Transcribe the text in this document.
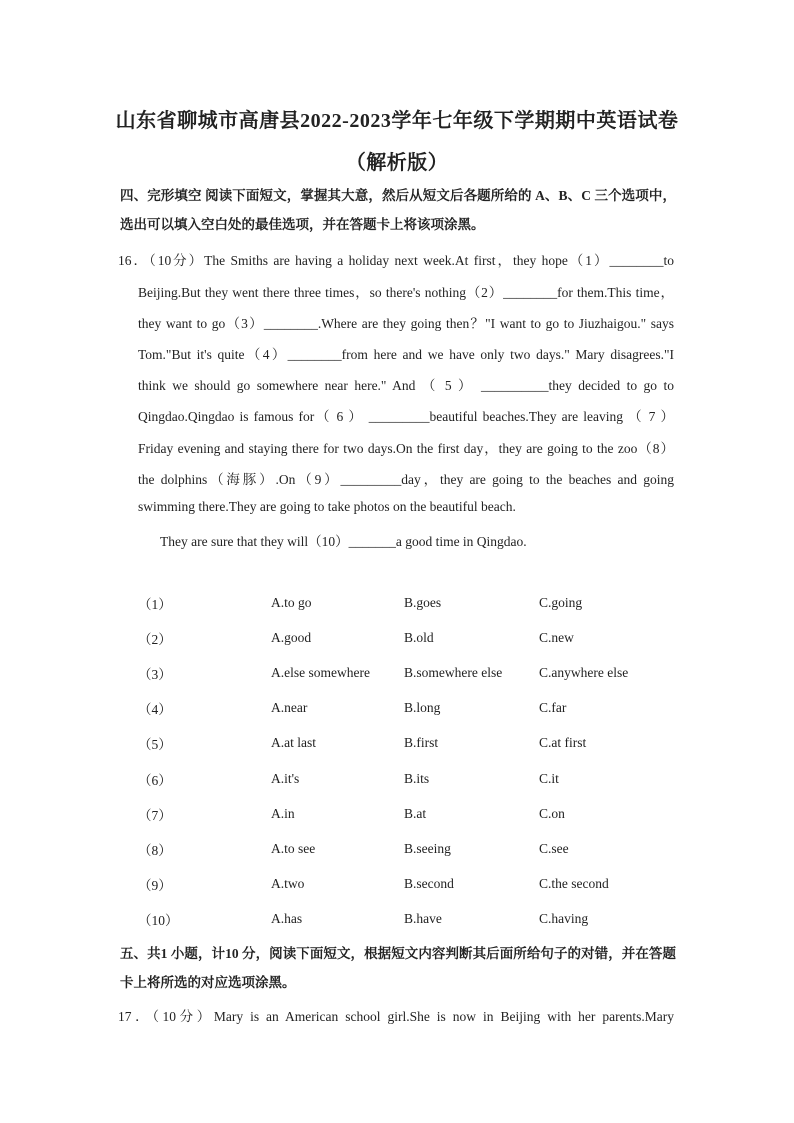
山东省聊城市高唐县2022-2023学年七年级下学期期中英语试卷
（解析版）
四、完形填空 阅读下面短文，掌握其大意，然后从短文后各题所给的 A、B、C 三个选项中，选出可以填入空白处的最佳选项，并在答题卡上将该项涂黑。
16．（10分）The Smiths are having a holiday next week.At first，they hope（1）________to
Beijing.But they went there three times，so there's nothing（2）________for them.This time，
they want to go（3）________.Where are they going then？"I want to go to Jiuzhaigou." says
Tom."But it's quite（4）________from here and we have only two days." Mary disagrees."I
think we should go somewhere near here." And （ 5 ） __________they decided to go to
Qingdao.Qingdao is famous for（ 6 ） _________beautiful beaches.They are leaving （ 7 ）
Friday evening and staying there for two days.On the first day，they are going to the zoo（8）
the dolphins（海豚）.On（9）_________day，they are going to the beaches and going
swimming there.They are going to take photos on the beautiful beach.
They are sure that they will（10）_______a good time in Qingdao.
（1）	A.to go	B.goes	C.going
（2）	A.good	B.old	C.new
（3）	A.else somewhere	B.somewhere else	C.anywhere else
（4）	A.near	B.long	C.far
（5）	A.at last	B.first	C.at first
（6）	A.it's	B.its	C.it
（7）	A.in	B.at	C.on
（8）	A.to see	B.seeing	C.see
（9）	A.two	B.second	C.the second
（10）	A.has	B.have	C.having
五、共1 小题，计10 分，阅读下面短文，根据短文内容判断其后面所给句子的对错，并在答题卡上将所选的对应选项涂黑。
17．（10分）Mary is an American school girl.She is now in Beijing with her parents.Mary
